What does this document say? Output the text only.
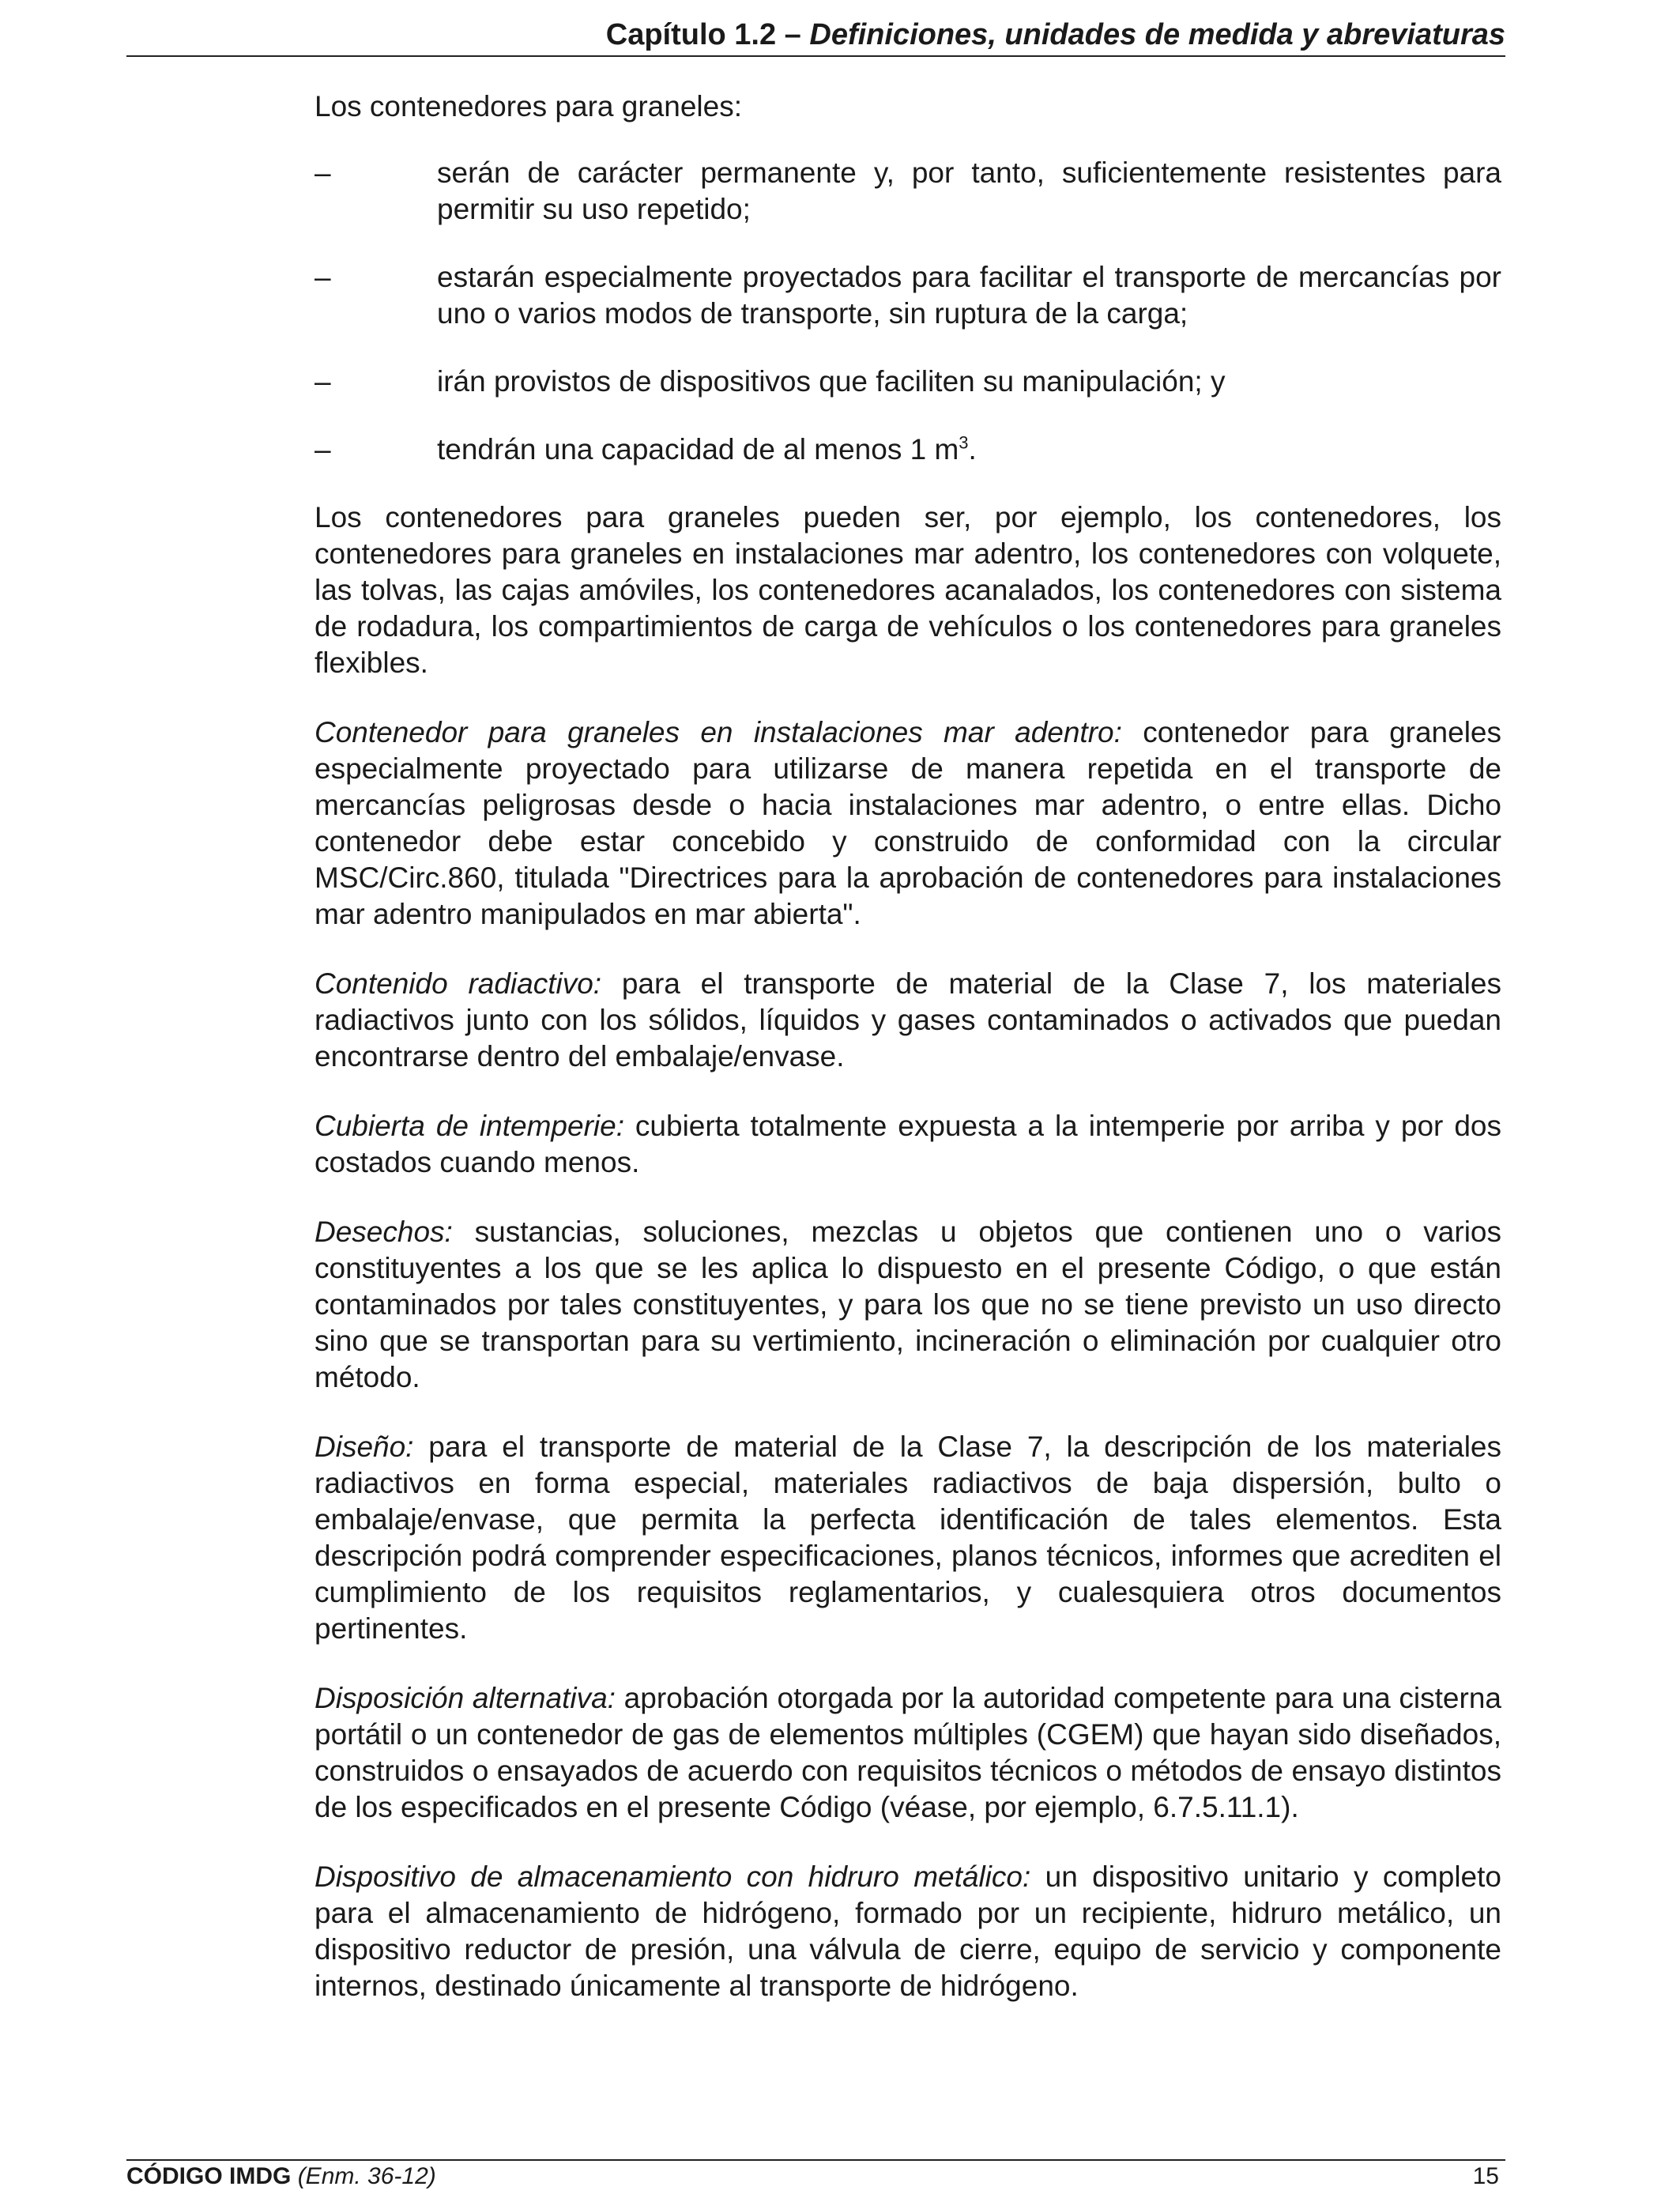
Capítulo 1.2 – Definiciones, unidades de medida y abreviaturas

Los contenedores para graneles:

–	serán de carácter permanente y, por tanto, suficientemente resistentes para permitir su uso repetido;
–	estarán especialmente proyectados para facilitar el transporte de mercancías por uno o varios modos de transporte, sin ruptura de la carga;
–	irán provistos de dispositivos que faciliten su manipulación; y
–	tendrán una capacidad de al menos 1 $m^3$.

Los contenedores para graneles pueden ser, por ejemplo, los contenedores, los contenedores para graneles en instalaciones mar adentro, los contenedores con volquete, las tolvas, las cajas amóviles, los contenedores acanalados, los contenedores con sistema de rodadura, los compartimientos de carga de vehículos o los contenedores para graneles flexibles.

Contenedor para graneles en instalaciones mar adentro: contenedor para graneles especialmente proyectado para utilizarse de manera repetida en el transporte de mercancías peligrosas desde o hacia instalaciones mar adentro, o entre ellas. Dicho contenedor debe estar concebido y construido de conformidad con la circular MSC/Circ.860, titulada "Directrices para la aprobación de contenedores para instalaciones mar adentro manipulados en mar abierta".

Contenido radiactivo: para el transporte de material de la Clase 7, los materiales radiactivos junto con los sólidos, líquidos y gases contaminados o activados que puedan encontrarse dentro del embalaje/envase.

Cubierta de intemperie: cubierta totalmente expuesta a la intemperie por arriba y por dos costados cuando menos.

Desechos: sustancias, soluciones, mezclas u objetos que contienen uno o varios constituyentes a los que se les aplica lo dispuesto en el presente Código, o que están contaminados por tales constituyentes, y para los que no se tiene previsto un uso directo sino que se transportan para su vertimiento, incineración o eliminación por cualquier otro método.

Diseño: para el transporte de material de la Clase 7, la descripción de los materiales radiactivos en forma especial, materiales radiactivos de baja dispersión, bulto o embalaje/envase, que permita la perfecta identificación de tales elementos. Esta descripción podrá comprender especificaciones, planos técnicos, informes que acrediten el cumplimiento de los requisitos reglamentarios, y cualesquiera otros documentos pertinentes.

Disposición alternativa: aprobación otorgada por la autoridad competente para una cisterna portátil o un contenedor de gas de elementos múltiples (CGEM) que hayan sido diseñados, construidos o ensayados de acuerdo con requisitos técnicos o métodos de ensayo distintos de los especificados en el presente Código (véase, por ejemplo, 6.7.5.11.1).

Dispositivo de almacenamiento con hidruro metálico: un dispositivo unitario y completo para el almacenamiento de hidrógeno, formado por un recipiente, hidruro metálico, un dispositivo reductor de presión, una válvula de cierre, equipo de servicio y componente internos, destinado únicamente al transporte de hidrógeno.

CÓDIGO IMDG (Enm. 36-12)	15
